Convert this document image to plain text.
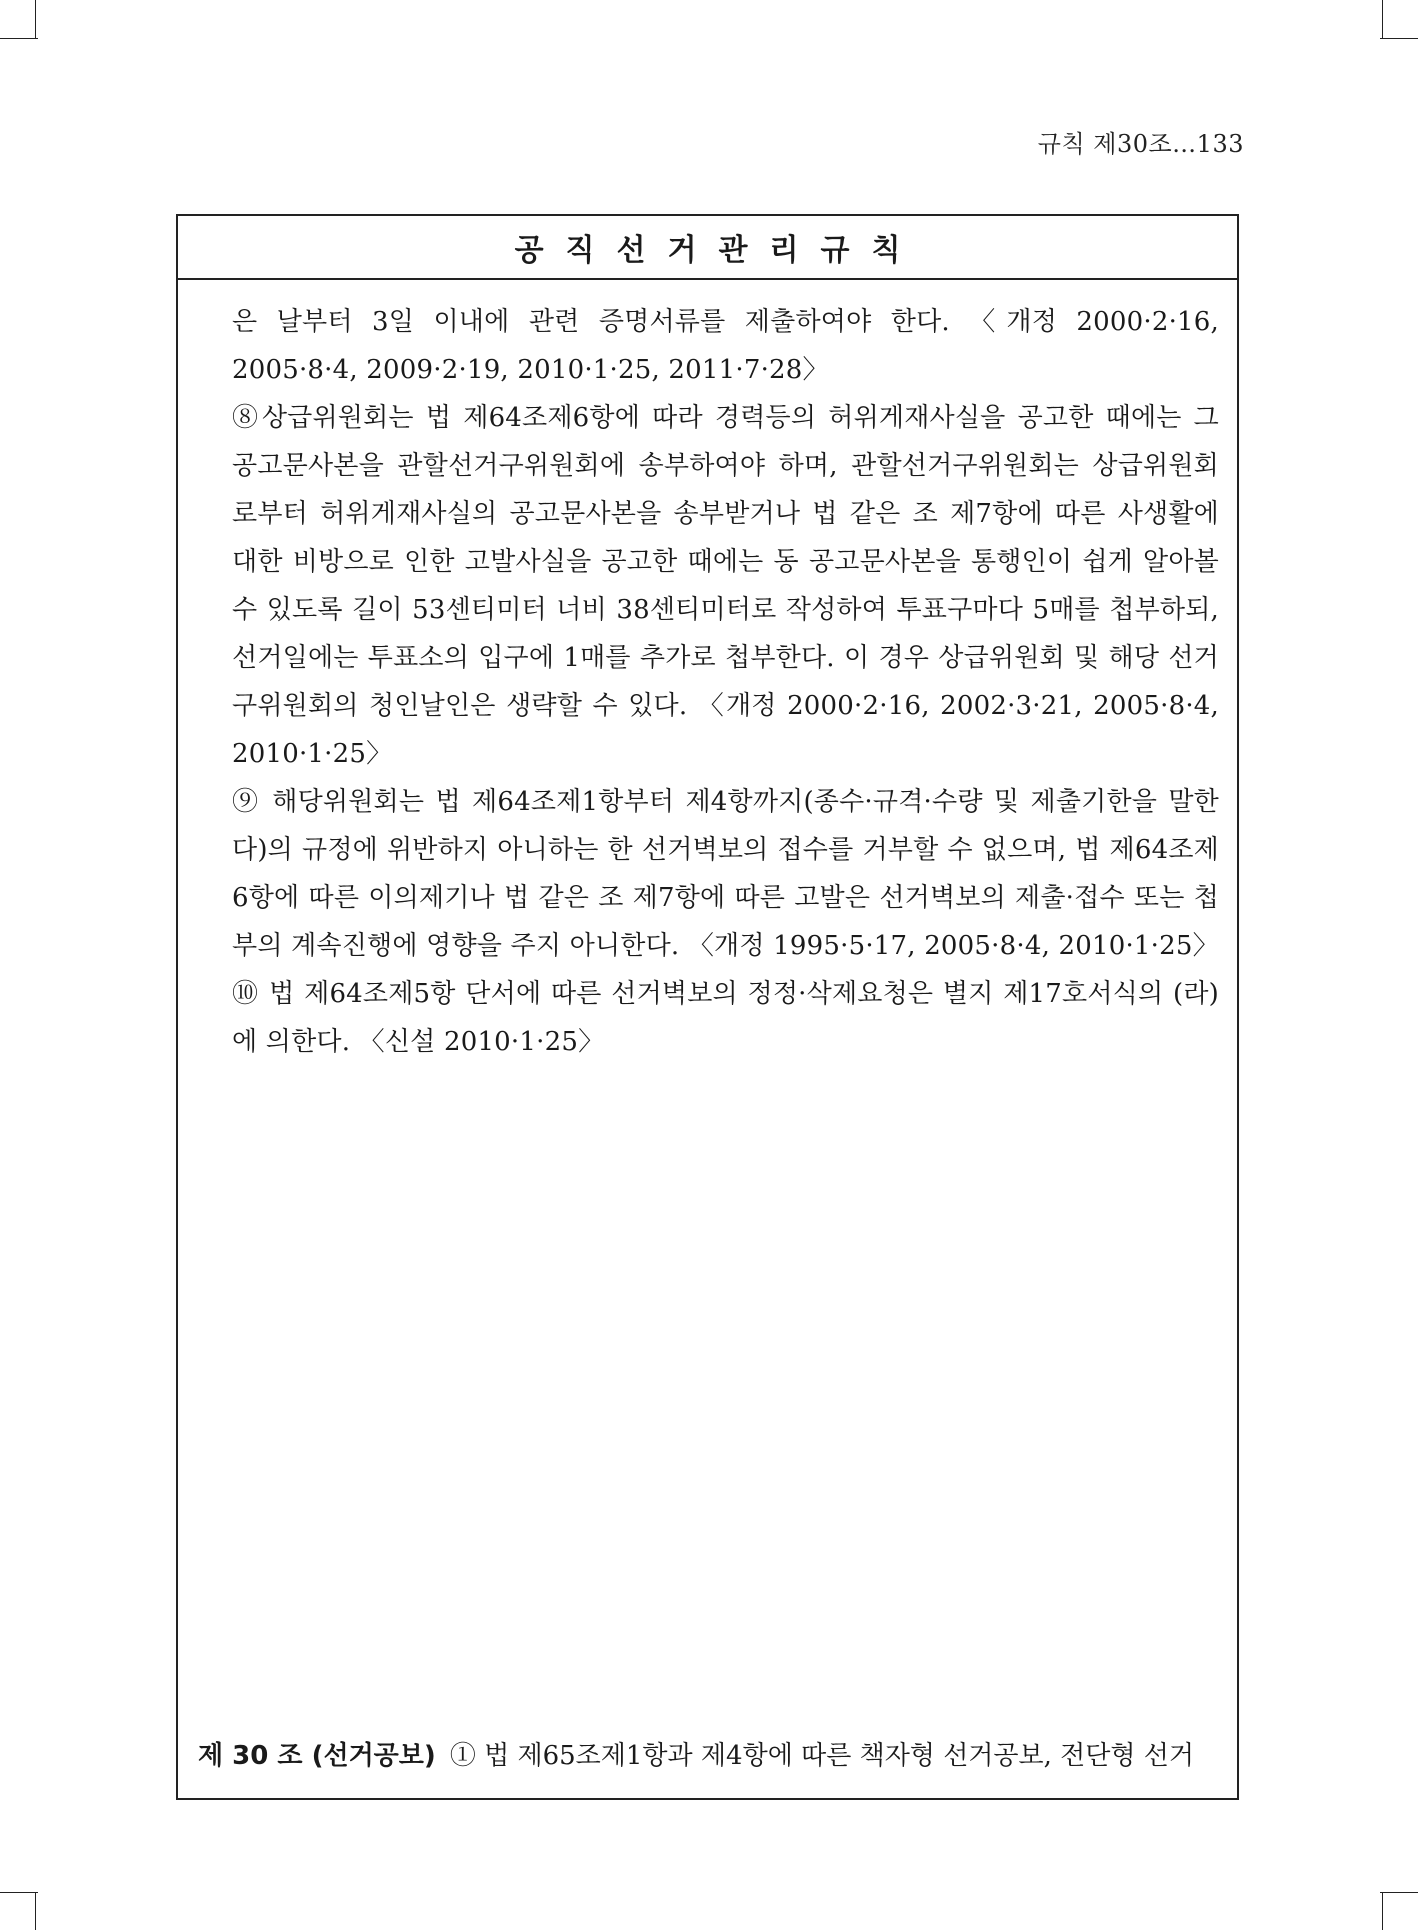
규칙 제30조…133
공직선거관리규칙

은 날부터 3일 이내에 관련 증명서류를 제출하여야 한다. 〈개정 2000·2·16, 2005·8·4, 2009·2·19, 2010·1·25, 2011·7·28〉

⑧상급위원회는 법 제64조제6항에 따라 경력등의 허위게재사실을 공고한 때에는 그 공고문사본을 관할선거구위원회에 송부하여야 하며, 관할선거구위원회는 상급위원회로부터 허위게재사실의 공고문사본을 송부받거나 법 같은 조 제7항에 따른 사생활에 대한 비방으로 인한 고발사실을 공고한 때에는 동 공고문사본을 통행인이 쉽게 알아볼 수 있도록 길이 53센티미터 너비 38센티미터로 작성하여 투표구마다 5매를 첩부하되, 선거일에는 투표소의 입구에 1매를 추가로 첩부한다. 이 경우 상급위원회 및 해당 선거구위원회의 청인날인은 생략할 수 있다. 〈개정 2000·2·16, 2002·3·21, 2005·8·4, 2010·1·25〉

⑨ 해당위원회는 법 제64조제1항부터 제4항까지(종수·규격·수량 및 제출기한을 말한다)의 규정에 위반하지 아니하는 한 선거벽보의 접수를 거부할 수 없으며, 법 제64조제6항에 따른 이의제기나 법 같은 조 제7항에 따른 고발은 선거벽보의 제출·접수 또는 첩부의 계속진행에 영향을 주지 아니한다. 〈개정 1995·5·17, 2005·8·4, 2010·1·25〉

⑩ 법 제64조제5항 단서에 따른 선거벽보의 정정·삭제요청은 별지 제17호서식의 (라)에 의한다. 〈신설 2010·1·25〉

제 30 조 (선거공보) ① 법 제65조제1항과 제4항에 따른 책자형 선거공보, 전단형 선거
